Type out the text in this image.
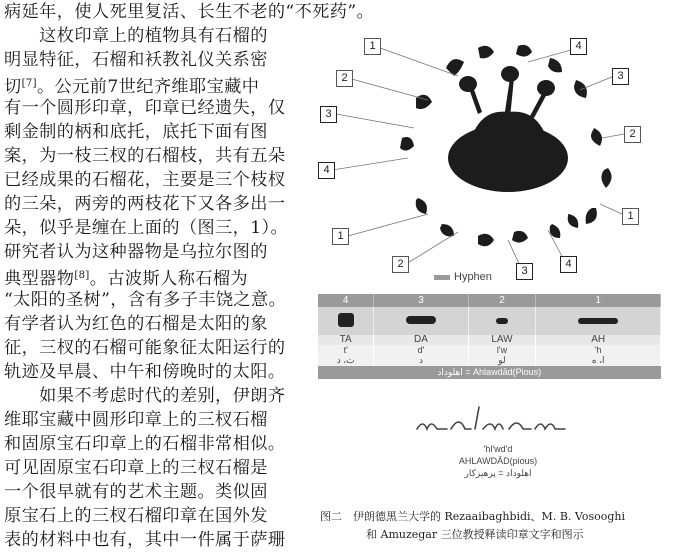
病延年，使人死里复活、长生不老的“不死药”。
　　这枚印章上的植物具有石榴的
明显特征，石榴和袄教礼仪关系密
切[7]。公元前7世纪齐维耶宝藏中
有一个圆形印章，印章已经遗失，仅
剩金制的柄和底托，底托下面有图
案，为一枝三杈的石榴枝，共有五朵
已经成果的石榴花，主要是三个枝杈
的三朵，两旁的两枝花下又各多出一
朵，似乎是缠在上面的（图三，1）。
研究者认为这种器物是乌拉尔图的
典型器物[8]。古波斯人称石榴为
“太阳的圣树”，含有多子丰饶之意。
有学者认为红色的石榴是太阳的象
征，三杈的石榴可能象征太阳运行的
轨迹及早晨、中午和傍晚时的太阳。
　　如果不考虑时代的差别，伊朗齐
维耶宝藏中圆形印章上的三杈石榴
和固原宝石印章上的石榴非常相似。
可见固原宝石印章上的三杈石榴是
一个很早就有的艺术主题。类似固
原宝石上的三杈石榴印章在国外发
表的材料中也有，其中一件属于萨珊
1	4
2	3
3
2
4
1
1
2
3
4
Hyphen
4	3	2	1

TA	DA	LAW	AH
t'	d'	l'w	'h
ت، د	د	لو	ا، ه
اهلوداد = Ahlawdād(Pious)			
'hl'wd'd
AHLAWDĀD(pious)
اهلوداد = پرهیزکار
图二　伊朗德黑兰大学的 Rezaaibaghbidi、M. B. Vosooghi
和 Amuzegar 三位教授释读印章文字和图示
